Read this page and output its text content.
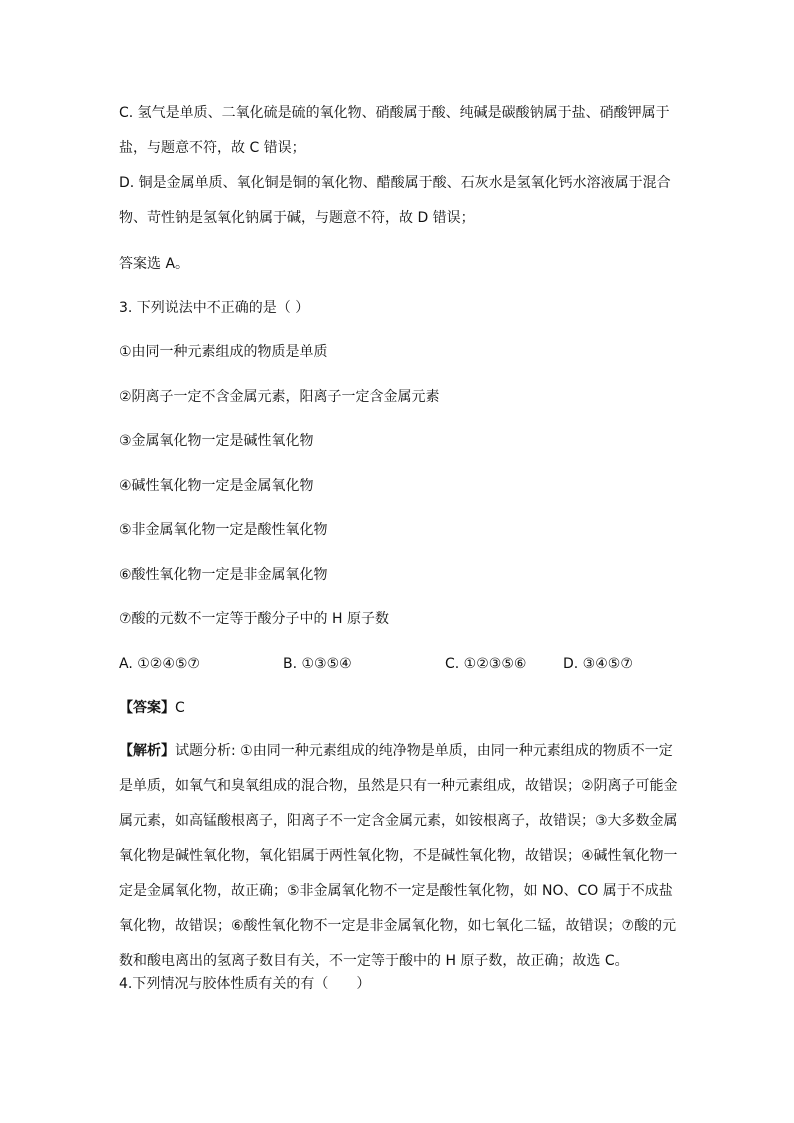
C. 氢气是单质、二氧化硫是硫的氧化物、硝酸属于酸、纯碱是碳酸钠属于盐、硝酸钾属于盐，与题意不符，故 C 错误；
D. 铜是金属单质、氧化铜是铜的氧化物、醋酸属于酸、石灰水是氢氧化钙水溶液属于混合物、苛性钠是氢氧化钠属于碱，与题意不符，故 D 错误；
答案选 A。
3. 下列说法中不正确的是（ ）
①由同一种元素组成的物质是单质
②阴离子一定不含金属元素，阳离子一定含金属元素
③金属氧化物一定是碱性氧化物
④碱性氧化物一定是金属氧化物
⑤非金属氧化物一定是酸性氧化物
⑥酸性氧化物一定是非金属氧化物
⑦酸的元数不一定等于酸分子中的 H 原子数
A. ①②④⑤⑦	B. ①③⑤④	C. ①②③⑤⑥	D. ③④⑤⑦
【答案】C
【解析】试题分析: ①由同一种元素组成的纯净物是单质，由同一种元素组成的物质不一定是单质，如氧气和臭氧组成的混合物，虽然是只有一种元素组成，故错误；②阴离子可能金属元素，如高锰酸根离子，阳离子不一定含金属元素，如铵根离子，故错误；③大多数金属氧化物是碱性氧化物，氧化铝属于两性氧化物，不是碱性氧化物，故错误；④碱性氧化物一定是金属氧化物，故正确；⑤非金属氧化物不一定是酸性氧化物，如 NO、CO 属于不成盐氧化物，故错误；⑥酸性氧化物不一定是非金属氧化物，如七氧化二锰，故错误；⑦酸的元数和酸电离出的氢离子数目有关，不一定等于酸中的 H 原子数，故正确；故选 C。
4.下列情况与胶体性质有关的有（　　）
